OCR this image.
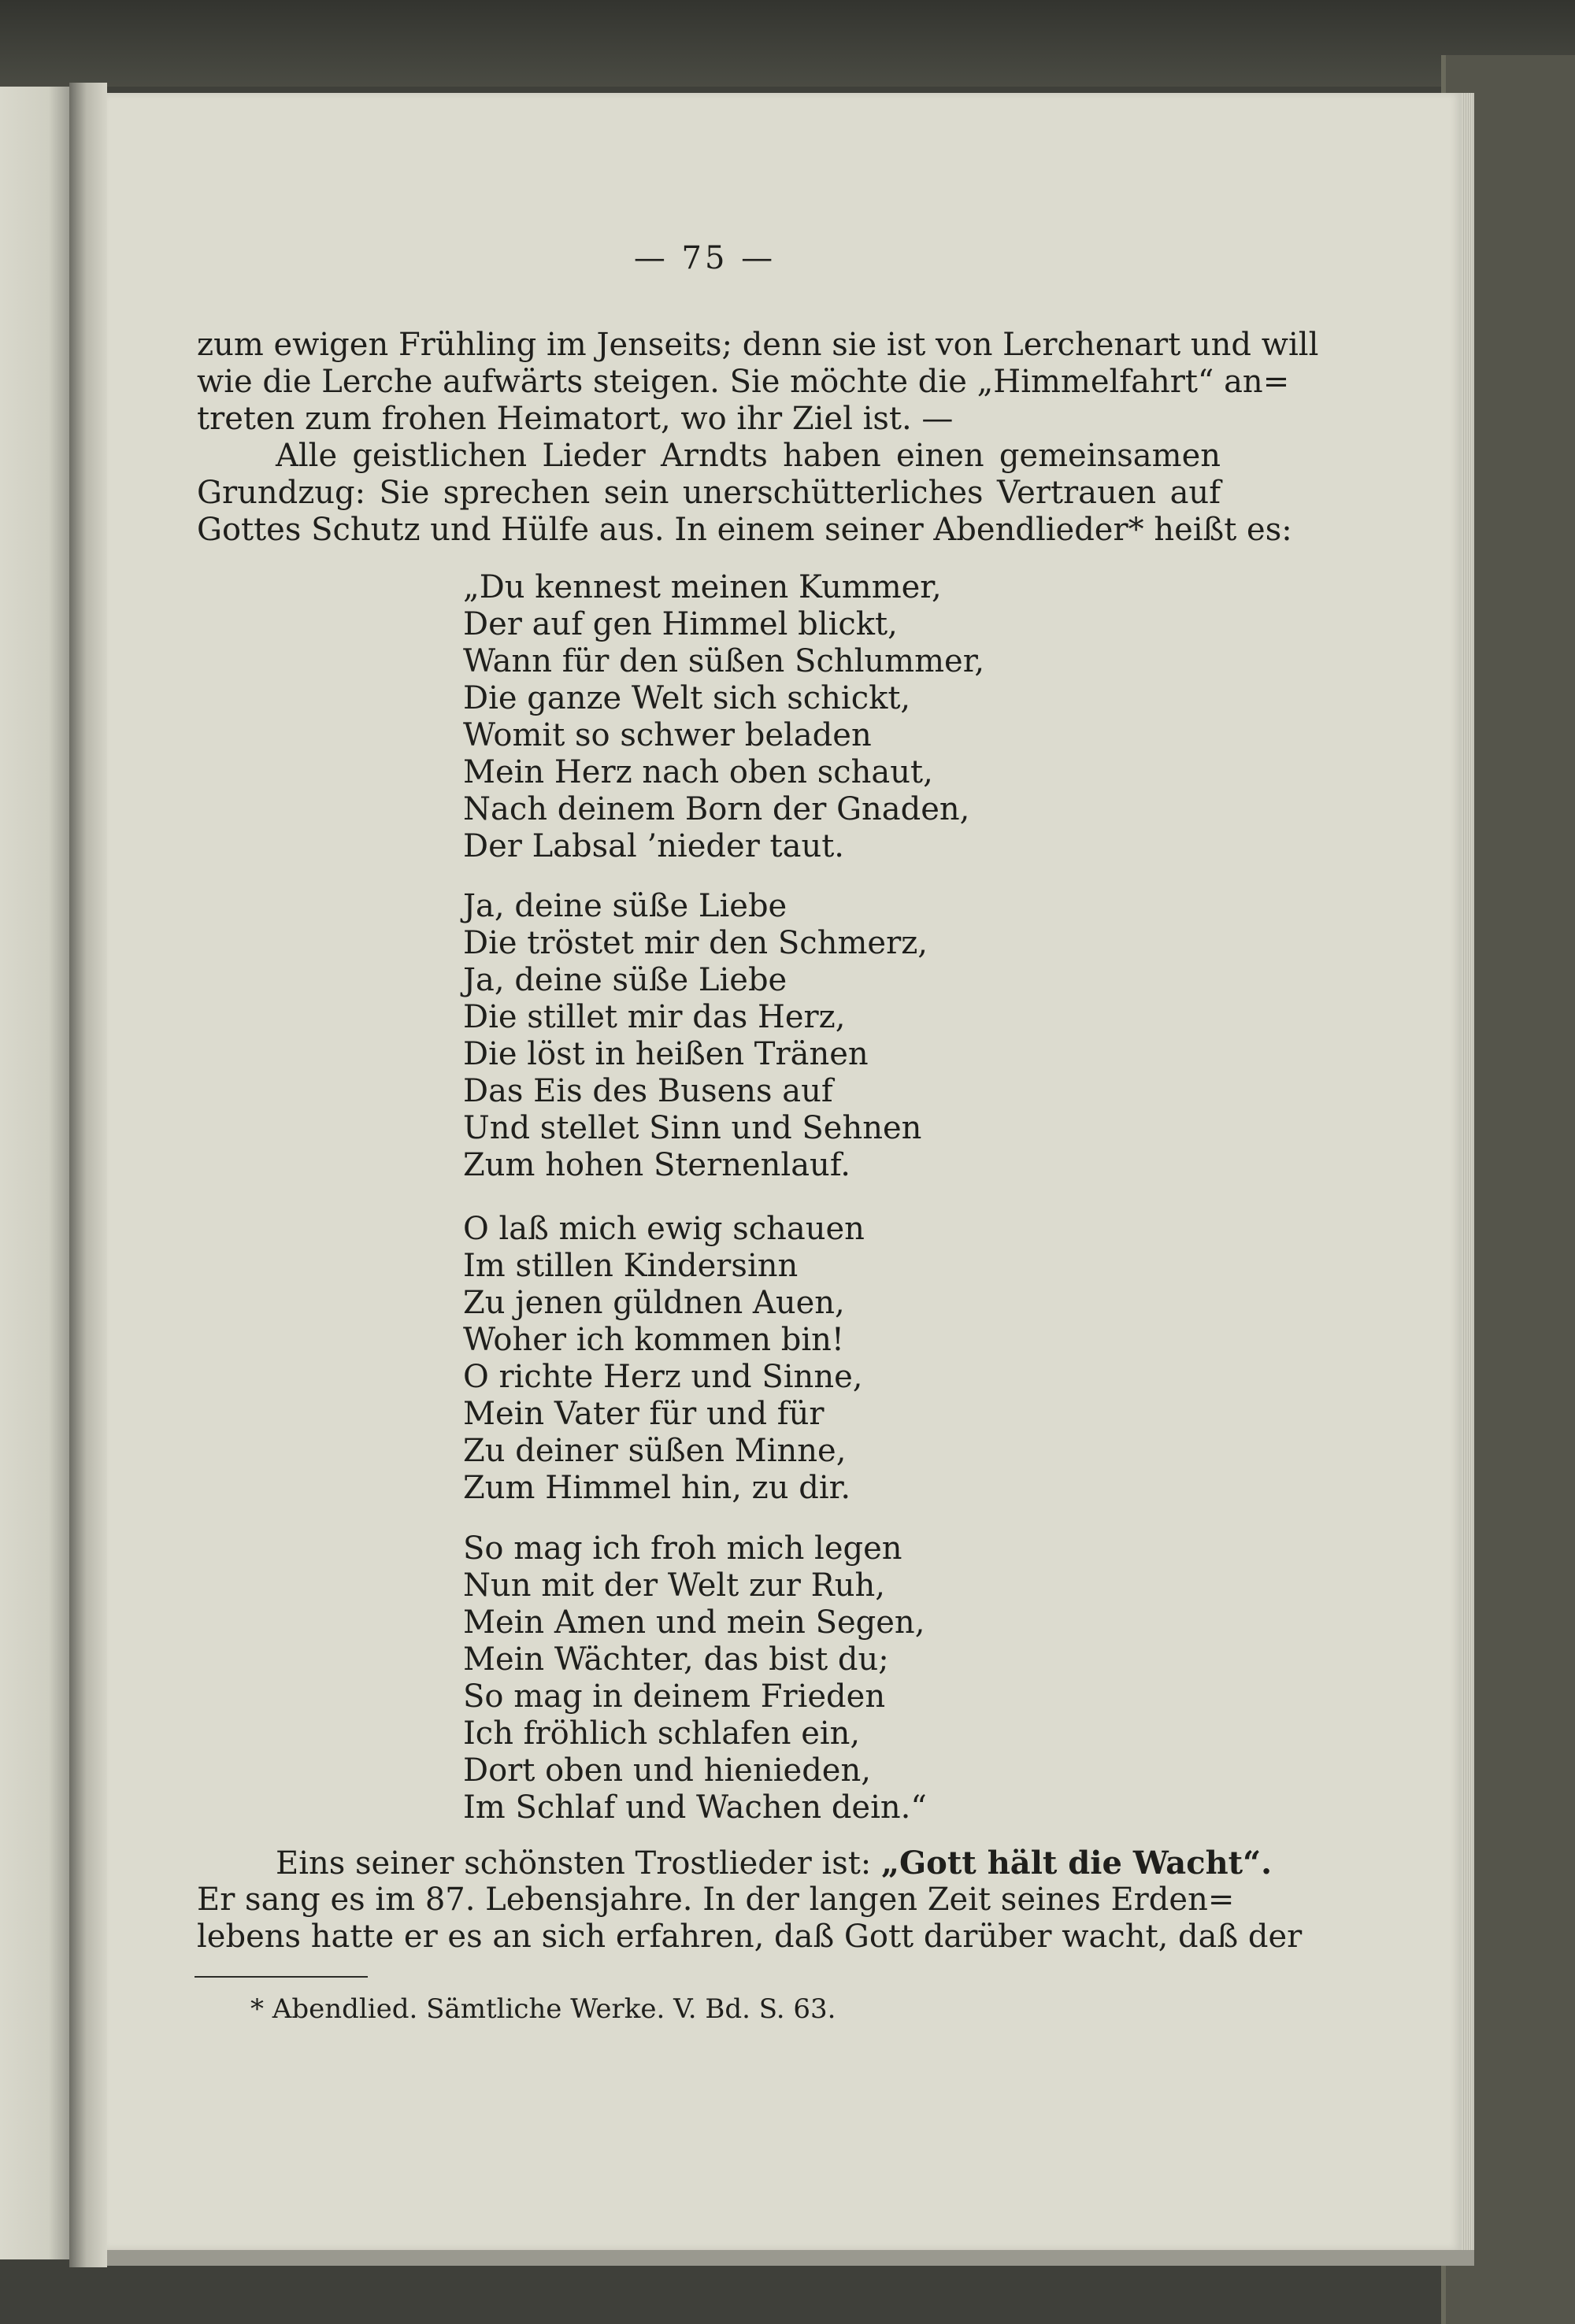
— 75 —
zum ewigen Frühling im Jenseits; denn sie ist von Lerchenart und will
wie die Lerche aufwärts steigen. Sie möchte die „Himmelfahrt“ an=
treten zum frohen Heimatort, wo ihr Ziel ist. —
Alle geistlichen Lieder Arndts haben einen gemeinsamen
Grundzug: Sie sprechen sein unerschütterliches Vertrauen auf
Gottes Schutz und Hülfe aus. In einem seiner Abendlieder* heißt es:
„Du kennest meinen Kummer,
Der auf gen Himmel blickt,
Wann für den süßen Schlummer,
Die ganze Welt sich schickt,
Womit so schwer beladen
Mein Herz nach oben schaut,
Nach deinem Born der Gnaden,
Der Labsal ’nieder taut.
Ja, deine süße Liebe
Die tröstet mir den Schmerz,
Ja, deine süße Liebe
Die stillet mir das Herz,
Die löst in heißen Tränen
Das Eis des Busens auf
Und stellet Sinn und Sehnen
Zum hohen Sternenlauf.
O laß mich ewig schauen
Im stillen Kindersinn
Zu jenen güldnen Auen,
Woher ich kommen bin!
O richte Herz und Sinne,
Mein Vater für und für
Zu deiner süßen Minne,
Zum Himmel hin, zu dir.
So mag ich froh mich legen
Nun mit der Welt zur Ruh,
Mein Amen und mein Segen,
Mein Wächter, das bist du;
So mag in deinem Frieden
Ich fröhlich schlafen ein,
Dort oben und hienieden,
Im Schlaf und Wachen dein.“
Eins seiner schönsten Trostlieder ist: „Gott hält die Wacht“.
Er sang es im 87. Lebensjahre. In der langen Zeit seines Erden=
lebens hatte er es an sich erfahren, daß Gott darüber wacht, daß der
* Abendlied. Sämtliche Werke. V. Bd. S. 63.
